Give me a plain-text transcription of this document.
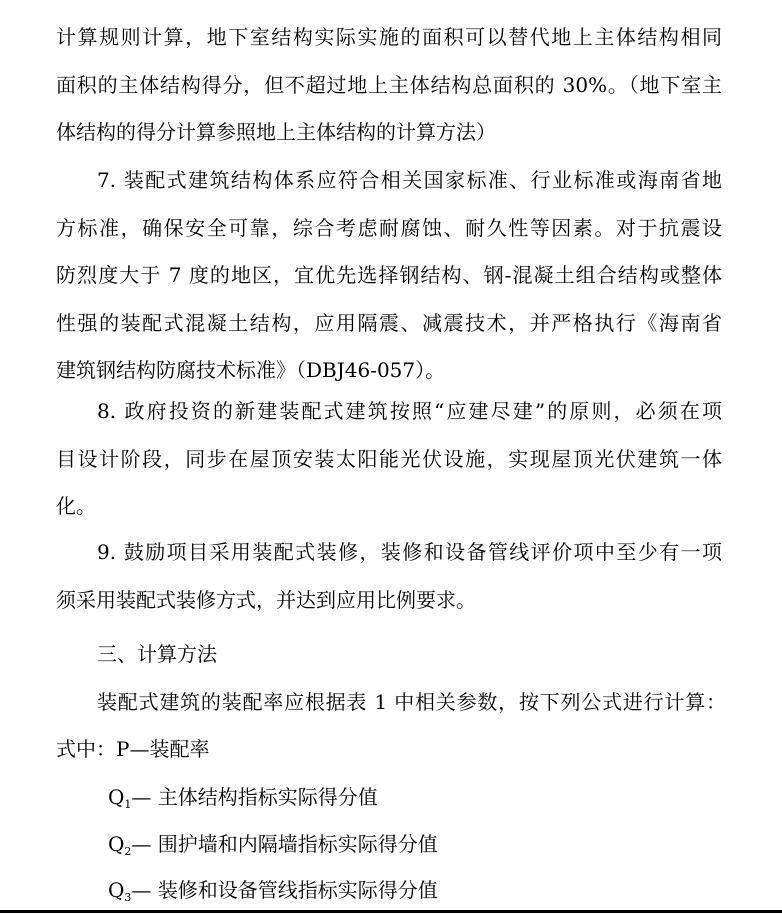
计算规则计算，地下室结构实际实施的面积可以替代地上主体结构相同

面积的主体结构得分，但不超过地上主体结构总面积的 30%。（地下室主

体结构的得分计算参照地上主体结构的计算方法）

7. 装配式建筑结构体系应符合相关国家标准、行业标准或海南省地

方标准，确保安全可靠，综合考虑耐腐蚀、耐久性等因素。对于抗震设

防烈度大于 7 度的地区，宜优先选择钢结构、钢-混凝土组合结构或整体

性强的装配式混凝土结构，应用隔震、减震技术，并严格执行《海南省

建筑钢结构防腐技术标准》（DBJ46-057）。

8. 政府投资的新建装配式建筑按照“应建尽建”的原则，必须在项

目设计阶段，同步在屋顶安装太阳能光伏设施，实现屋顶光伏建筑一体

化。

9. 鼓励项目采用装配式装修，装修和设备管线评价项中至少有一项

须采用装配式装修方式，并达到应用比例要求。

三、计算方法

装配式建筑的装配率应根据表 1 中相关参数，按下列公式进行计算：

式中：P—装配率

$Q_1—$ 主体结构指标实际得分值

$Q_2—$ 围护墙和内隔墙指标实际得分值

$Q_3—$ 装修和设备管线指标实际得分值
